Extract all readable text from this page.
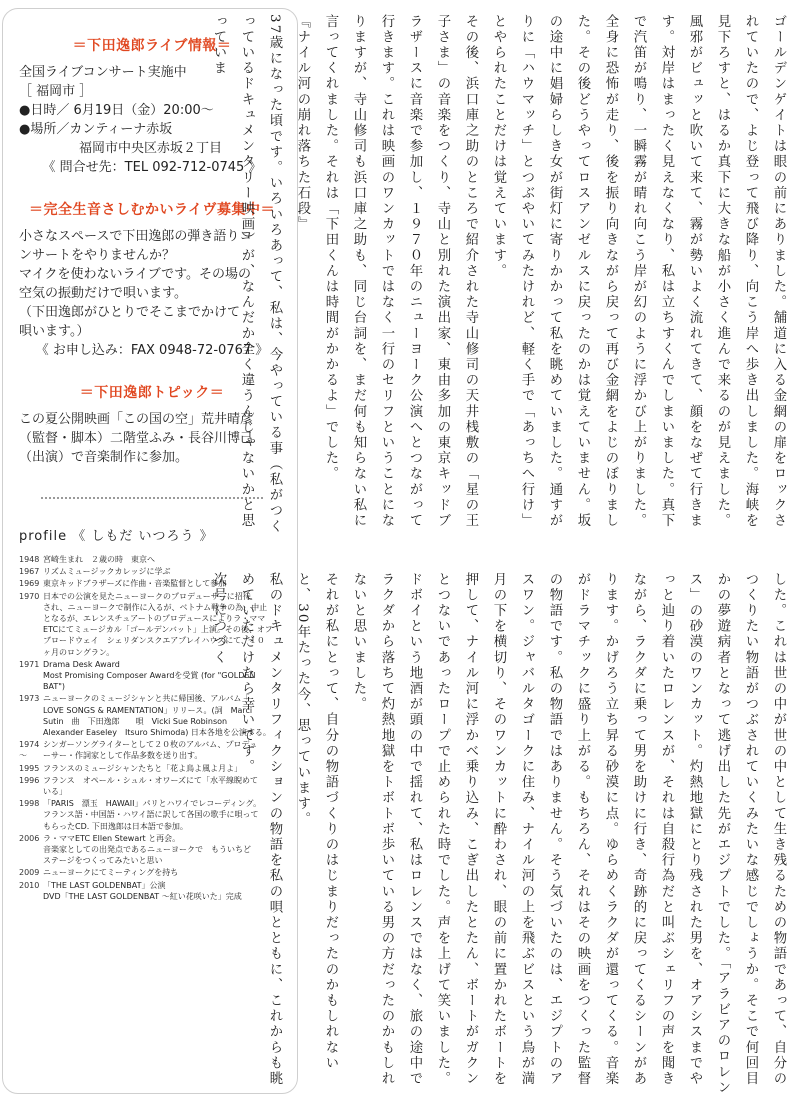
＝下田逸郎ライブ情報＝

全国ライブコンサート実施中

［ 福岡市 ］

●日時／ 6月19日（金）20:00～

●場所／カンティーナ赤坂

福岡市中央区赤坂２丁目

《 問合せ先：TEL 092-712-0745 》

＝完全生音さしむかいライヴ募集中＝

小さなスペースで下田逸郎の弾き語りコ

ンサートをやりませんか？

マイクを使わないライブです。その場の

空気の振動だけで唄います。

（下田逸郎がひとりでそこまでかけて

唄います。）

《 お申し込み：FAX 0948-72-0767 》

＝下田逸郎トピック＝

この夏公開映画「この国の空」荒井晴彦

（監督・脚本）二階堂ふみ・長谷川博己

（出演）で音楽制作に参加。

profile 《 しもだ いつろう 》

1948 宮崎生まれ　２歳の時　東京へ
1967 リズムミュージックカレッジに学ぶ
1969 東京キッドブラザーズに作曲・音楽監督として参加
1970 日本での公演を見たニューヨークのプロデューサーに招待
され、ニューヨークで制作に入るが、ベトナム戦争の為、中止
となるが、エレンスチュアートのプロデュースによりラ・ママ
ETCにてミュージカル「ゴールデンバット」上演。その後、オフ
ブロードウェイ　シェリダンスクエアプレイハウスにて、１０
ヶ月のロングラン。
1971 Drama Desk Award
Most Promising Composer Awardを受賞 (for "GOLDEN
BAT")
1973 ニューヨークのミュージシャンと共に帰国後、アルバム「
LOVE SONGS & RAMENTATION」リリース。(詞　Marci
Sutin　曲　下田逸郎　　唄　Vicki Sue Robinson
Alexander Easeley　Itsuro Shimoda) 日本各地を公演する。
1974～
シンガーソングライターとして２０枚のアルバム、プロデュ
ーサー・作詞家として作品多数を送り出す。
1995 フランスのミュージシャンたちと「花よ鳥よ風よ月よ」
1996 フランス　オペール・シュル・オワーズにて「水平線睨めて
いる」
1998 「PARIS　漂玉　HAWAII」パリとハワイでレコーディング。
フランス語・中国語・ハワイ語に訳して各国の歌手に唄って
もらったCD. 下田逸郎は日本語で参加。
2006 ラ・ママETC Ellen Stewart と再会。
音楽家としての出発点であるニューヨークで　もういちど
ステージをつくってみたいと思い
2009 ニューヨークにてミーティングを持ち
2010 「THE LAST GOLDENBAT」公演
DVD「THE LAST GOLDENBAT ～紅い花咲いた」完成

ゴールデンゲイトは眼の前にありました。舗道に入る金網の扉をロックされていたので、よじ登って飛び降り、向こう岸へ歩き出しました。海峡を見下ろすと、はるか真下に大きな船が小さく進んで来るのが見えました。風邪がビュッと吹いて来て、霧が勢いよく流れてきて、顔をなぜて行きます。対岸はまったく見えなくなり、私は立ちすくんでしまいました。真下で汽笛が鳴り、一瞬霧が晴れ向こう岸が幻のように浮かび上がりました。全身に恐怖が走り、後を振り向きながら戻って再び金網をよじのぼりました。その後どうやってロスアンゼルスに戻ったのかは覚えていません。坂の途中に娼婦らしき女が街灯に寄りかかって私を眺めていました。通すがりに「ハウマッチ」とつぶやいてみたけれど、軽く手で「あっちへ行け」とやられたことだけは覚えています。

その後、浜口庫之助のところで紹介された寺山修司の天井桟敷の「星の王子さま」の音楽をつくり、寺山と別れた演出家、東由多加の東京キッドブラザースに音楽で参加し、１９７０年のニューヨーク公演へとつながって行きます。これは映画のワンカットではなく一行のセリフということになりますが、寺山修司も浜口庫之助も、同じ台詞を、まだ何も知らない私に言ってくれました。それは「下田くんは時間がかかるよ」でした。

『ナイル河の崩れ落ちた石段』

37歳になった頃です。いろいろあって、私は、今やっている事（私がつくっているドキュメンタリー映画）が、なんだか全く違うんじゃないかと思っていま

した。これは世の中が世の中として生き残るための物語であって、自分のつくりたい物語がつぶされていくみたいな感じでしょうか。そこで何回目かの夢遊病者となって逃げ出した先がエジプトでした。「アラビアのロレンス」の砂漠のワンカット。灼熱地獄にとり残された男を、オアシスまでやっと辿り着いたロレンスが、それは自殺行為だと叫ぶシェリフの声を聞きながら、ラクダに乗って男を助けに行き、奇跡的に戻ってくるシーンがあります。かげろう立ち昇る砂漠に点。ゆらめくラクダが還ってくる。音楽がドラマチックに盛り上がる。もちろん、それはその映画をつくった監督の物語です。私の物語ではありません。そう気づいたのは、エジプトのアスワン。ジャバルタゴークに住み、ナイル河の上を飛ぶビスという鳥が満月の下を横切り、そのワンカットに酔わされ、眼の前に置かれたボートを押して、ナイル河に浮かべ乗り込み、こぎ出したとたん、ボートがガクンとつないであったロープで止められた時でした。声を上げて笑いました。ドボイという地酒が頭の中で揺れて、私はロレンスではなく、旅の途中でラクダから落ちて灼熱地獄をトボトボ歩いている男の方だったのかもしれないと思いました。

それが私にとって、自分の物語づくりのはじまりだったのかもしれないと、30年たった今、思っています。

私のドキュメンタリフィクションの物語を私の唄とともに、これからも眺めていただけたら幸いです。

次号につづく
